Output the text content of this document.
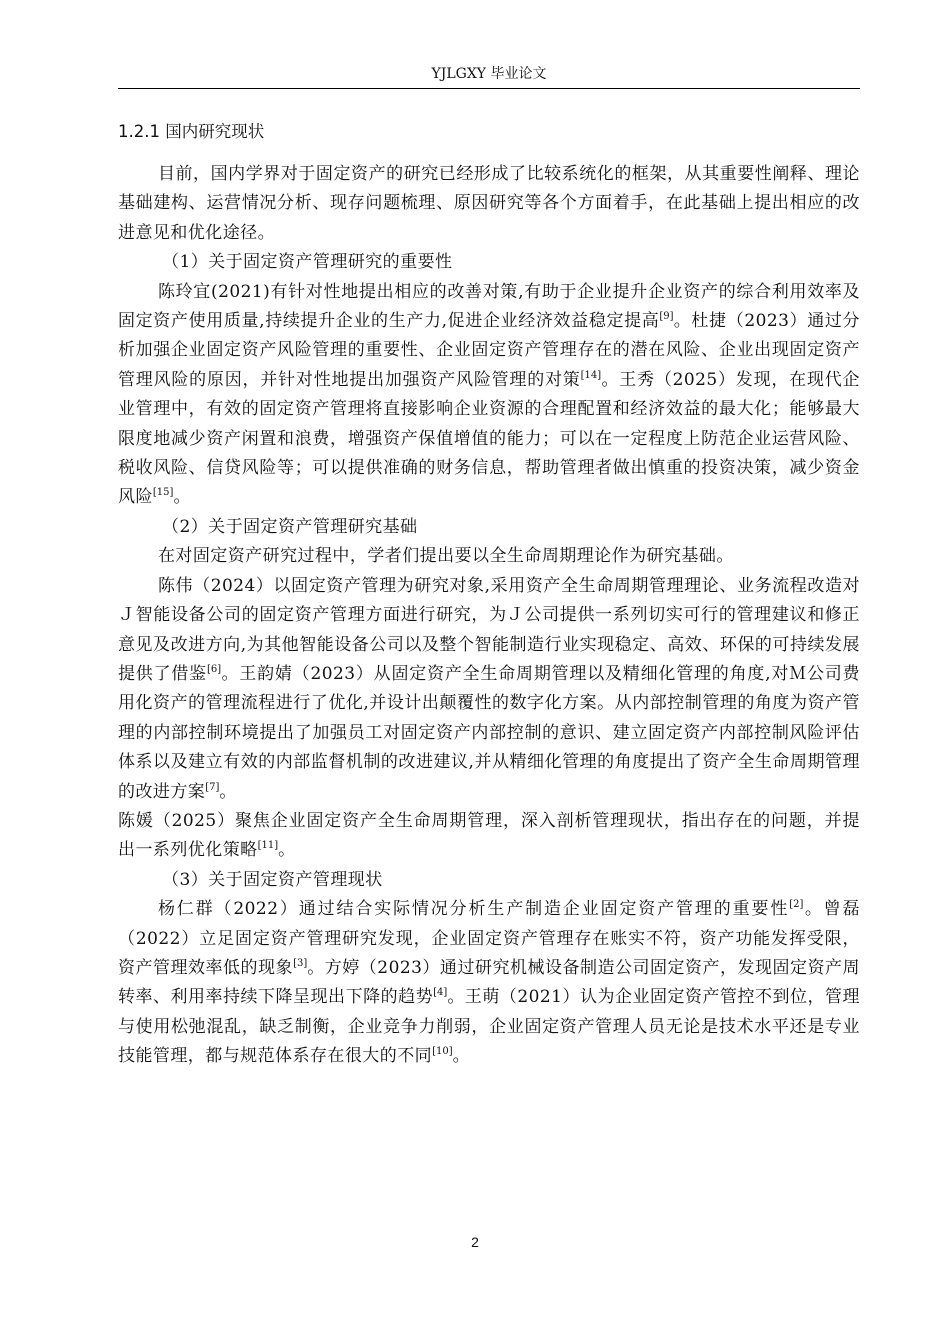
YJLGXY 毕业论文
1.2.1 国内研究现状

目前，国内学界对于固定资产的研究已经形成了比较系统化的框架，从其重要性阐释、理论基础建构、运营情况分析、现存问题梳理、原因研究等各个方面着手，在此基础上提出相应的改进意见和优化途径。

（1）关于固定资产管理研究的重要性

陈玲宜(2021)有针对性地提出相应的改善对策,有助于企业提升企业资产的综合利用效率及固定资产使用质量,持续提升企业的生产力,促进企业经济效益稳定提高[9]。杜捷（2023）通过分析加强企业固定资产风险管理的重要性、企业固定资产管理存在的潜在风险、企业出现固定资产管理风险的原因，并针对性地提出加强资产风险管理的对策[14]。王秀（2025）发现，在现代企业管理中，有效的固定资产管理将直接影响企业资源的合理配置和经济效益的最大化；能够最大限度地减少资产闲置和浪费，增强资产保值增值的能力；可以在一定程度上防范企业运营风险、税收风险、信贷风险等；可以提供准确的财务信息，帮助管理者做出慎重的投资决策，减少资金风险[15]。

（2）关于固定资产管理研究基础

在对固定资产研究过程中，学者们提出要以全生命周期理论作为研究基础。

陈伟（2024）以固定资产管理为研究对象,采用资产全生命周期管理理论、业务流程改造对Ｊ智能设备公司的固定资产管理方面进行研究，为Ｊ公司提供一系列切实可行的管理建议和修正意见及改进方向,为其他智能设备公司以及整个智能制造行业实现稳定、高效、环保的可持续发展提供了借鉴[6]。王韵婧（2023）从固定资产全生命周期管理以及精细化管理的角度,对Ｍ公司费用化资产的管理流程进行了优化,并设计出颠覆性的数字化方案。从内部控制管理的角度为资产管理的内部控制环境提出了加强员工对固定资产内部控制的意识、建立固定资产内部控制风险评估体系以及建立有效的内部监督机制的改进建议,并从精细化管理的角度提出了资产全生命周期管理的改进方案[7]。

陈媛（2025）聚焦企业固定资产全生命周期管理，深入剖析管理现状，指出存在的问题，并提出一系列优化策略[11]。

（3）关于固定资产管理现状

杨仁群（2022）通过结合实际情况分析生产制造企业固定资产管理的重要性[2]。曾磊（2022）立足固定资产管理研究发现，企业固定资产管理存在账实不符，资产功能发挥受限，资产管理效率低的现象[3]。方婷（2023）通过研究机械设备制造公司固定资产，发现固定资产周转率、利用率持续下降呈现出下降的趋势[4]。王萌（2021）认为企业固定资产管控不到位，管理与使用松弛混乱，缺乏制衡，企业竞争力削弱，企业固定资产管理人员无论是技术水平还是专业技能管理，都与规范体系存在很大的不同[10]。

2
